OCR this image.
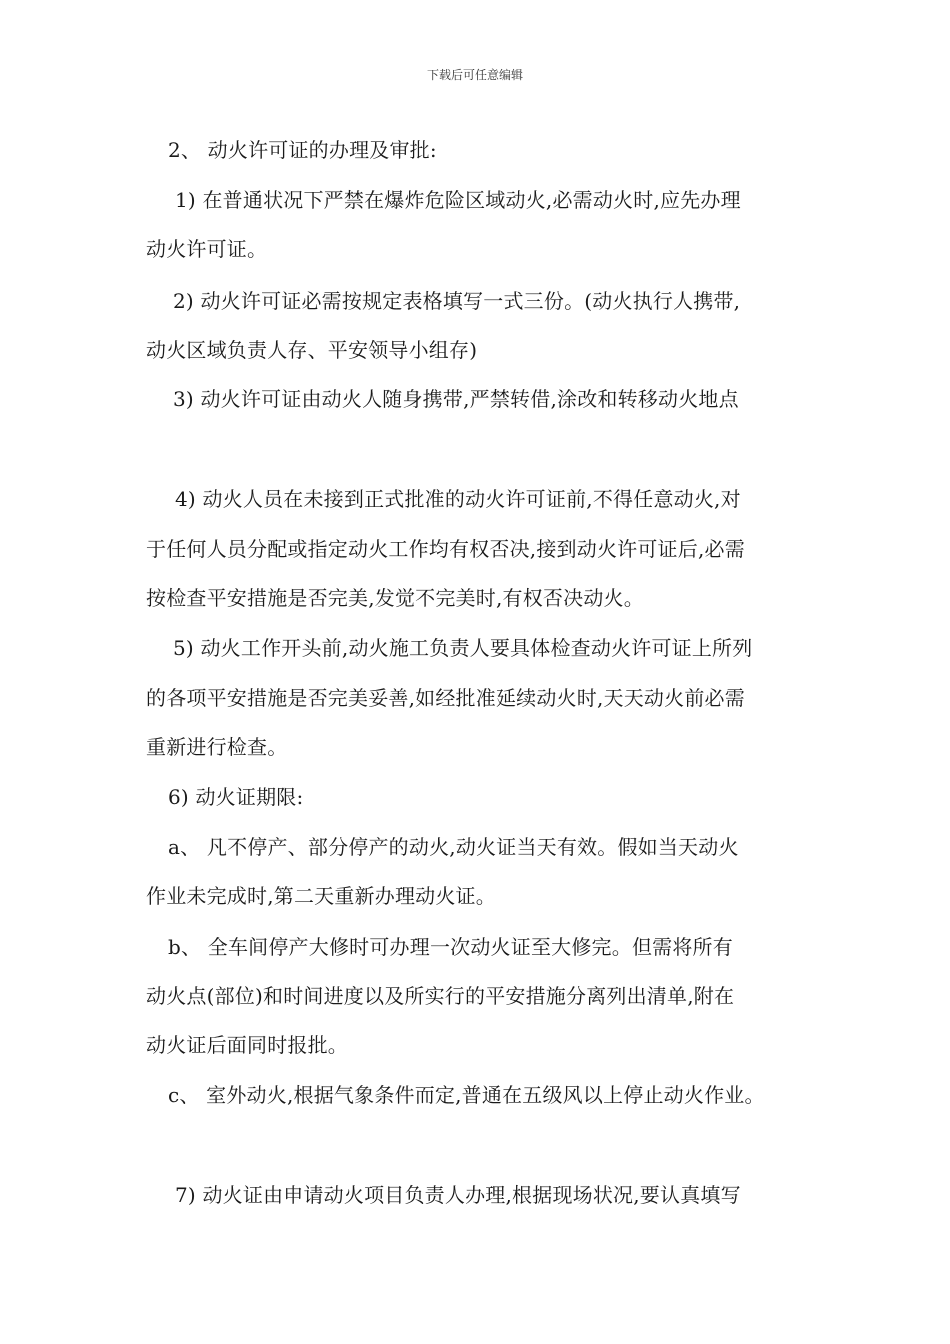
下载后可任意编辑
2、 动火许可证的办理及审批:
1) 在普通状况下严禁在爆炸危险区域动火,必需动火时,应先办理
动火许可证。
2) 动火许可证必需按规定表格填写一式三份。(动火执行人携带,
动火区域负责人存、平安领导小组存)
3) 动火许可证由动火人随身携带,严禁转借,涂改和转移动火地点
4) 动火人员在未接到正式批准的动火许可证前,不得任意动火,对
于任何人员分配或指定动火工作均有权否决,接到动火许可证后,必需
按检查平安措施是否完美,发觉不完美时,有权否决动火。
5) 动火工作开头前,动火施工负责人要具体检查动火许可证上所列
的各项平安措施是否完美妥善,如经批准延续动火时,天天动火前必需
重新进行检查。
6) 动火证期限:
a、 凡不停产、部分停产的动火,动火证当天有效。假如当天动火
作业未完成时,第二天重新办理动火证。
b、 全车间停产大修时可办理一次动火证至大修完。但需将所有
动火点(部位)和时间进度以及所实行的平安措施分离列出清单,附在
动火证后面同时报批。
c、 室外动火,根据气象条件而定,普通在五级风以上停止动火作业。
7) 动火证由申请动火项目负责人办理,根据现场状况,要认真填写
